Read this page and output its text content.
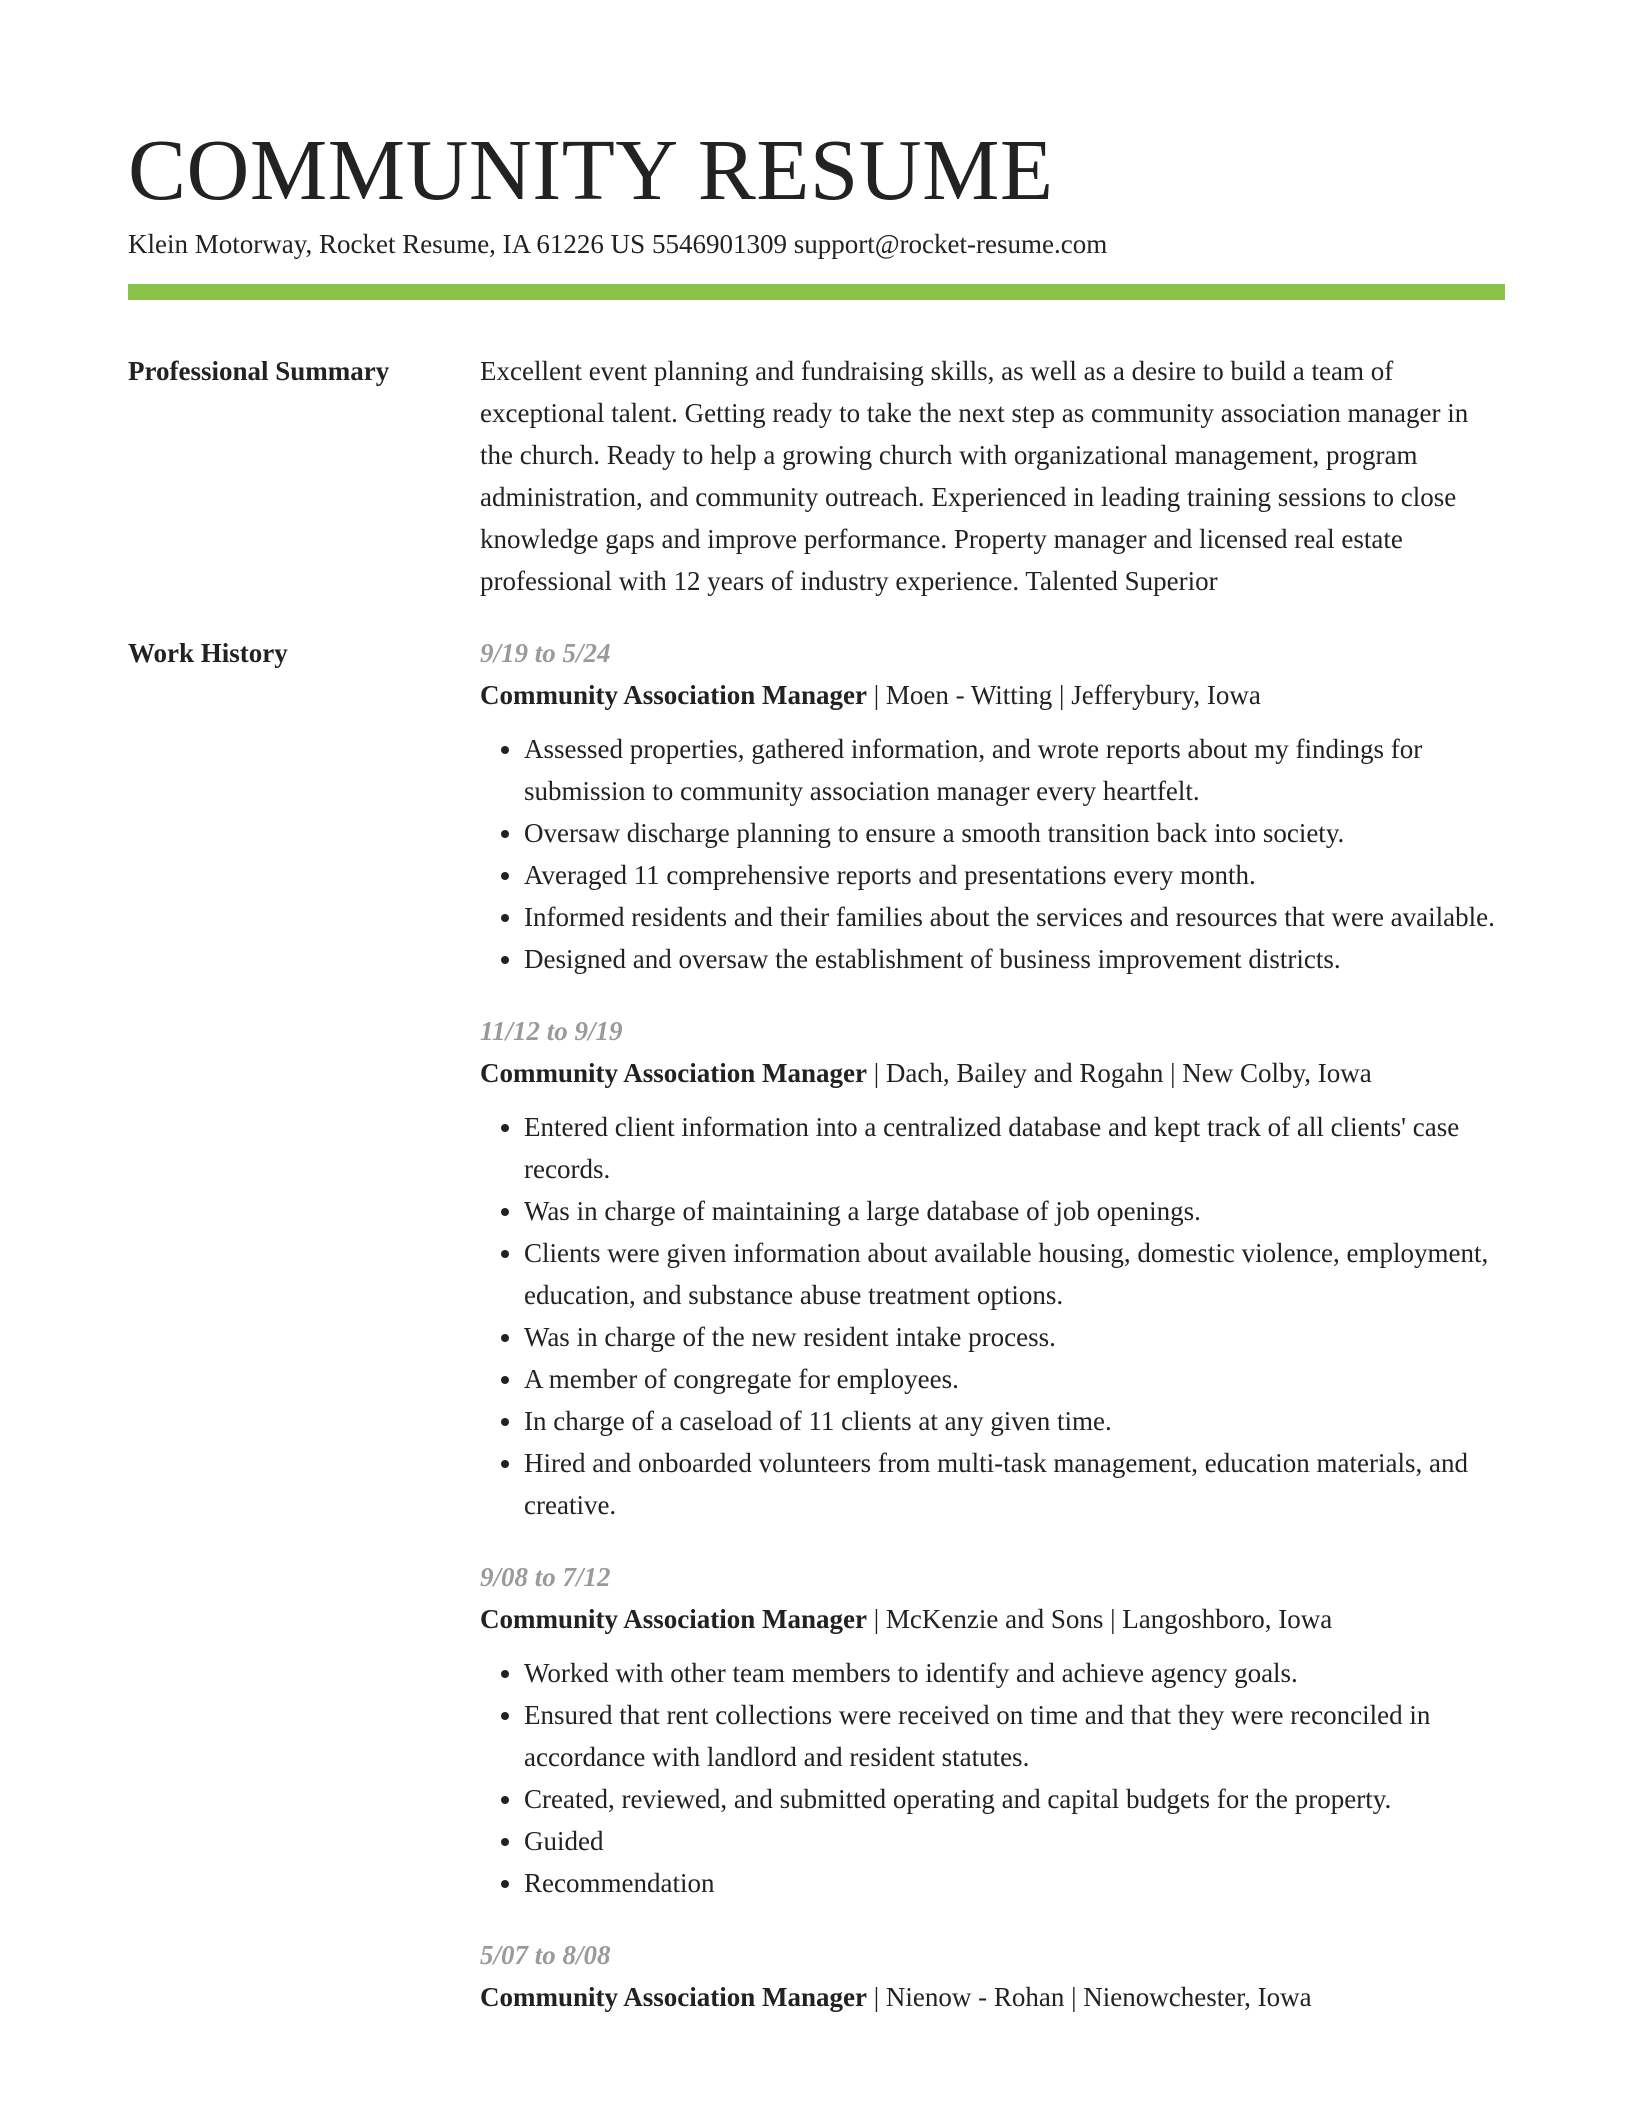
COMMUNITY RESUME
Klein Motorway, Rocket Resume, IA 61226 US 5546901309 support@rocket-resume.com
Professional Summary	Excellent event planning and fundraising skills, as well as a desire to build a team of exceptional talent. Getting ready to take the next step as community association manager in the church. Ready to help a growing church with organizational management, program administration, and community outreach. Experienced in leading training sessions to close knowledge gaps and improve performance. Property manager and licensed real estate professional with 12 years of industry experience. Talented Superior
Work History	9/19 to 5/24
Community Association Manager | Moen - Witting | Jefferybury, Iowa
• Assessed properties, gathered information, and wrote reports about my findings for submission to community association manager every heartfelt.
• Oversaw discharge planning to ensure a smooth transition back into society.
• Averaged 11 comprehensive reports and presentations every month.
• Informed residents and their families about the services and resources that were available.
• Designed and oversaw the establishment of business improvement districts.
11/12 to 9/19
Community Association Manager | Dach, Bailey and Rogahn | New Colby, Iowa
• Entered client information into a centralized database and kept track of all clients' case records.
• Was in charge of maintaining a large database of job openings.
• Clients were given information about available housing, domestic violence, employment, education, and substance abuse treatment options.
• Was in charge of the new resident intake process.
• A member of congregate for employees.
• In charge of a caseload of 11 clients at any given time.
• Hired and onboarded volunteers from multi-task management, education materials, and creative.
9/08 to 7/12
Community Association Manager | McKenzie and Sons | Langoshboro, Iowa
• Worked with other team members to identify and achieve agency goals.
• Ensured that rent collections were received on time and that they were reconciled in accordance with landlord and resident statutes.
• Created, reviewed, and submitted operating and capital budgets for the property.
• Guided
• Recommendation
5/07 to 8/08
Community Association Manager | Nienow - Rohan | Nienowchester, Iowa
